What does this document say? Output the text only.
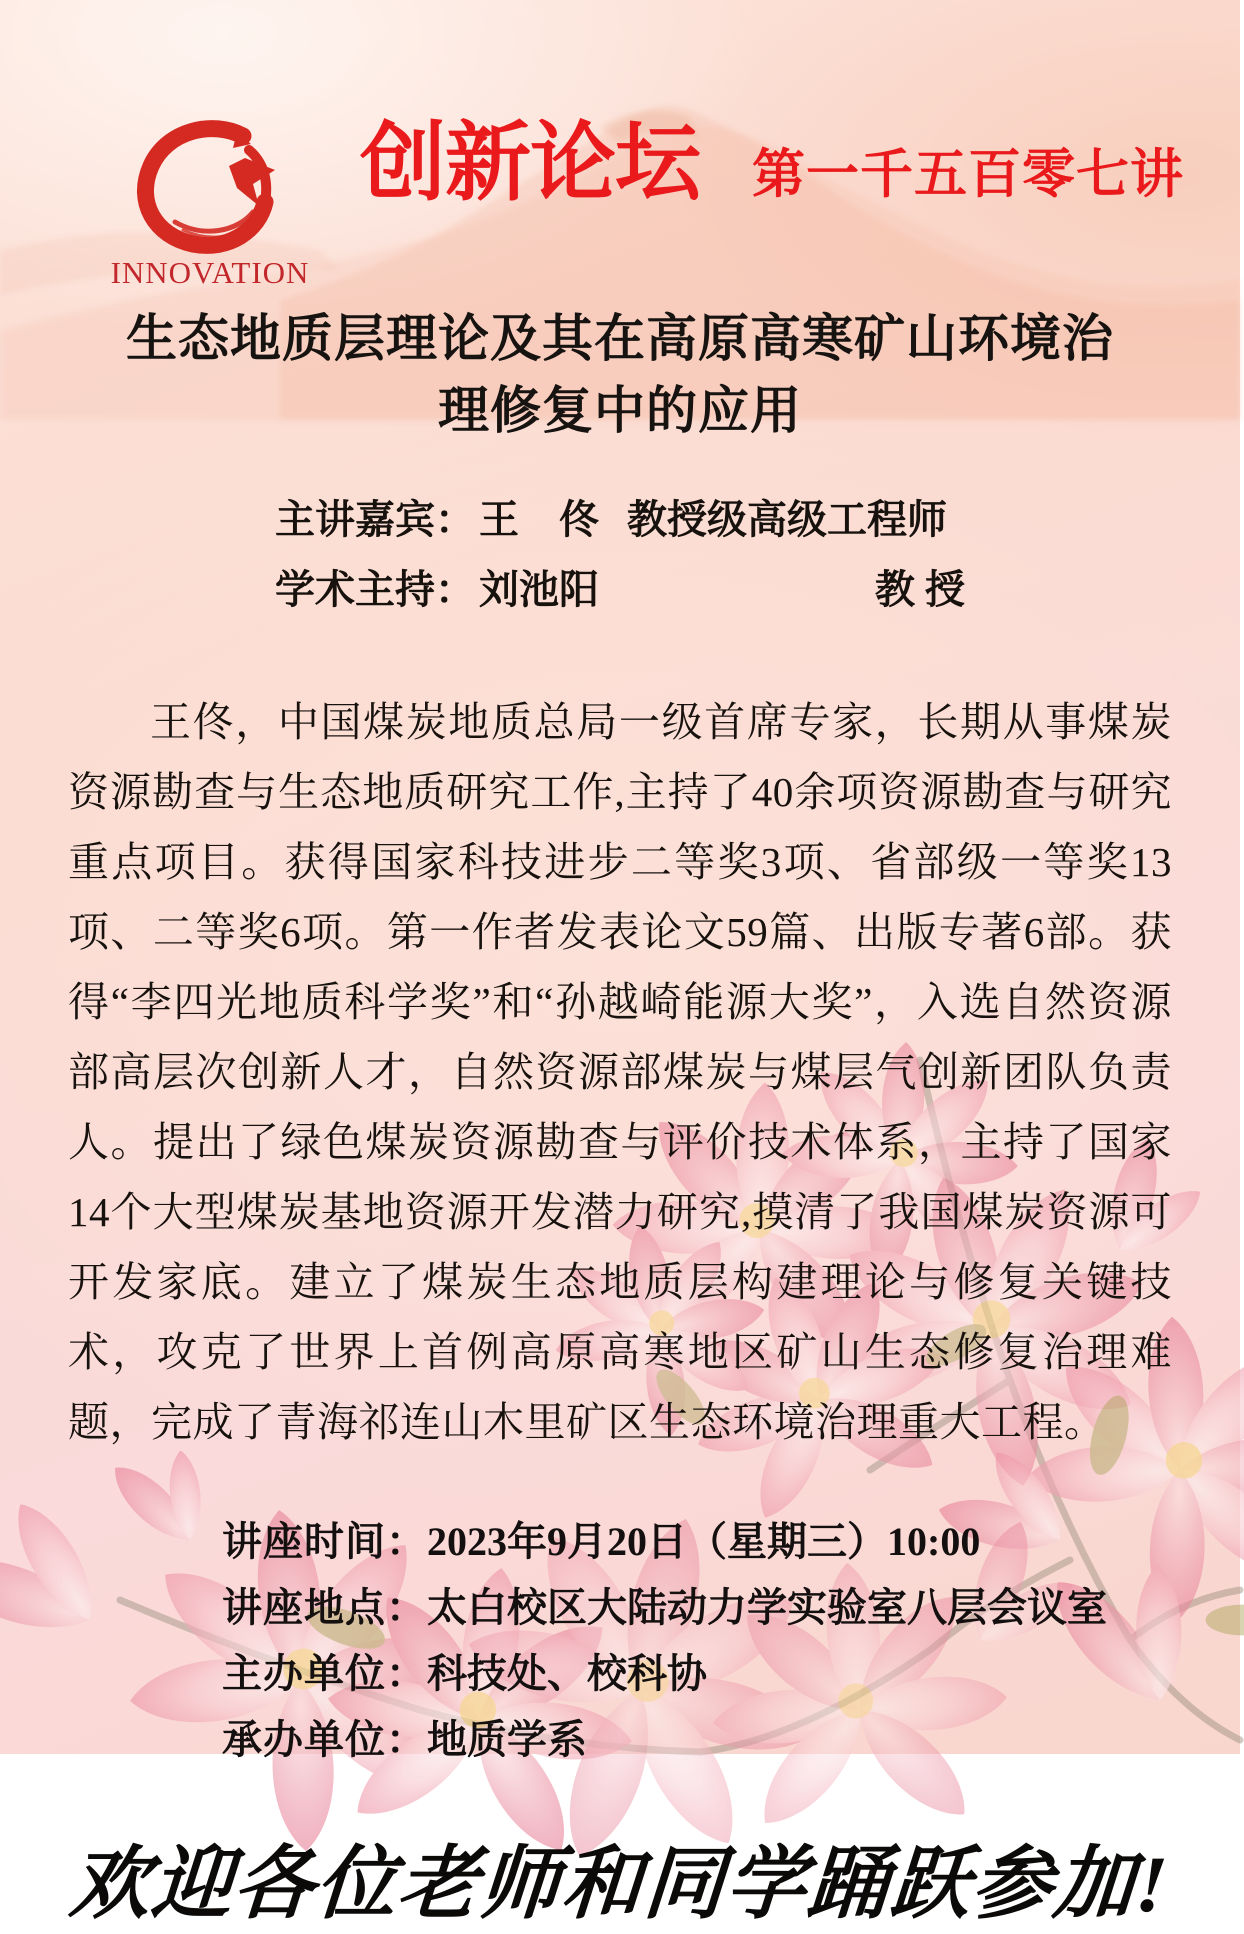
INNOVATION
创新论坛 第一千五百零七讲
生态地质层理论及其在高原高寒矿山环境治
理修复中的应用
主讲嘉宾： 王　佟 教授级高级工程师
学术主持： 刘池阳	教 授

王佟，中国煤炭地质总局一级首席专家，长期从事煤炭资源勘查与生态地质研究工作,主持了40余项资源勘查与研究重点项目。获得国家科技进步二等奖3项、省部级一等奖13项、二等奖6项。第一作者发表论文59篇、出版专著6部。获得“李四光地质科学奖”和“孙越崎能源大奖”，入选自然资源部高层次创新人才，自然资源部煤炭与煤层气创新团队负责人。提出了绿色煤炭资源勘查与评价技术体系，主持了国家14个大型煤炭基地资源开发潜力研究,摸清了我国煤炭资源可开发家底。建立了煤炭生态地质层构建理论与修复关键技术，攻克了世界上首例高原高寒地区矿山生态修复治理难题，完成了青海祁连山木里矿区生态环境治理重大工程。

讲座时间：2023年9月20日（星期三）10:00
讲座地点：太白校区大陆动力学实验室八层会议室
主办单位：科技处、校科协
承办单位：地质学系
欢迎各位老师和同学踊跃参加!
